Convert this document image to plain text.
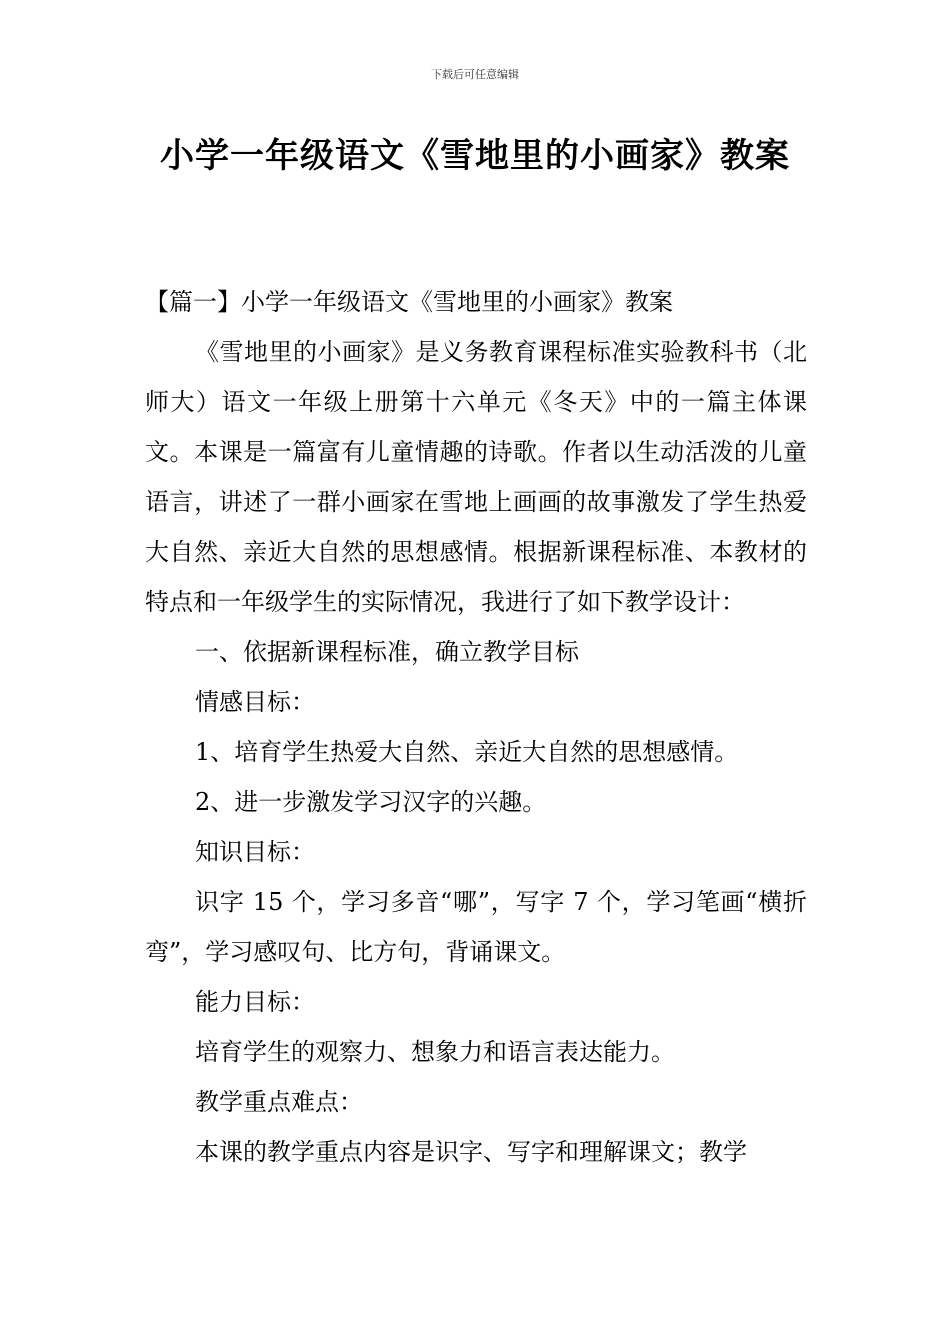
下载后可任意编辑
小学一年级语文《雪地里的小画家》教案

【篇一】小学一年级语文《雪地里的小画家》教案

《雪地里的小画家》是义务教育课程标准实验教科书（北师大）语文一年级上册第十六单元《冬天》中的一篇主体课文。本课是一篇富有儿童情趣的诗歌。作者以生动活泼的儿童语言，讲述了一群小画家在雪地上画画的故事激发了学生热爱大自然、亲近大自然的思想感情。根据新课程标准、本教材的特点和一年级学生的实际情况，我进行了如下教学设计：

一、依据新课程标准，确立教学目标

情感目标：

1、培育学生热爱大自然、亲近大自然的思想感情。

2、进一步激发学习汉字的兴趣。

知识目标：

识字 15 个，学习多音“哪”，写字 7 个，学习笔画“横折弯”，学习感叹句、比方句，背诵课文。

能力目标：

培育学生的观察力、想象力和语言表达能力。

教学重点难点：

本课的教学重点内容是识字、写字和理解课文；教学
